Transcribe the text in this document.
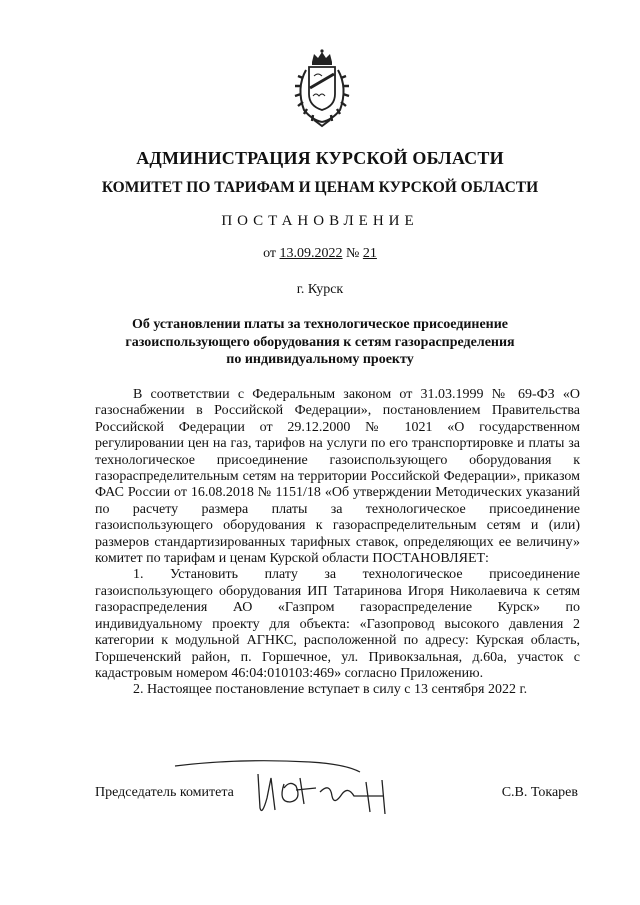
АДМИНИСТРАЦИЯ КУРСКОЙ ОБЛАСТИ
КОМИТЕТ ПО ТАРИФАМ И ЦЕНАМ КУРСКОЙ ОБЛАСТИ
ПОСТАНОВЛЕНИЕ
от 13.09.2022 № 21
г. Курск
Об установлении платы за технологическое присоединение газоиспользующего оборудования к сетям газораспределения по индивидуальному проекту

В соответствии с Федеральным законом от 31.03.1999 № 69-ФЗ «О газоснабжении в Российской Федерации», постановлением Правительства Российской Федерации от 29.12.2000 № 1021 «О государственном регулировании цен на газ, тарифов на услуги по его транспортировке и платы за технологическое присоединение газоиспользующего оборудования к газораспределительным сетям на территории Российской Федерации», приказом ФАС России от 16.08.2018 № 1151/18 «Об утверждении Методических указаний по расчету размера платы за технологическое присоединение газоиспользующего оборудования к газораспределительным сетям и (или) размеров стандартизированных тарифных ставок, определяющих ее величину» комитет по тарифам и ценам Курской области ПОСТАНОВЛЯЕТ:

1. Установить плату за технологическое присоединение газоиспользующего оборудования ИП Татаринова Игоря Николаевича к сетям газораспределения АО «Газпром газораспределение Курск» по индивидуальному проекту для объекта: «Газопровод высокого давления 2 категории к модульной АГНКС, расположенной по адресу: Курская область, Горшеченский район, п. Горшечное, ул. Привокзальная, д.60а, участок с кадастровым номером 46:04:010103:469» согласно Приложению.

2. Настоящее постановление вступает в силу с 13 сентября 2022 г.

Председатель комитета	С.В. Токарев
